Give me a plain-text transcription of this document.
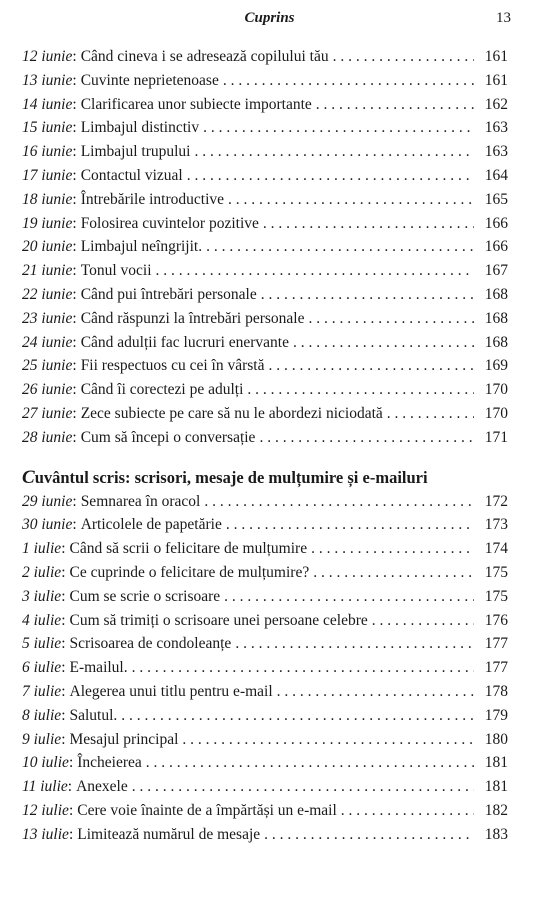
Cuprins	13
12 iunie : Când cineva i se adresează copilului tău . . .	161
13 iunie : Cuvinte neprietenoase . . .	161
14 iunie : Clarificarea unor subiecte importante . . .	162
15 iunie : Limbajul distinctiv . . .	163
16 iunie : Limbajul trupului . . .	163
17 iunie : Contactul vizual . . .	164
18 iunie : Întrebările introductive . . .	165
19 iunie : Folosirea cuvintelor pozitive . . .	166
20 iunie : Limbajul neîngrijit. . . .	166
21 iunie : Tonul vocii . . .	167
22 iunie : Când pui întrebări personale . . .	168
23 iunie : Când răspunzi la întrebări personale . . .	168
24 iunie : Când adulții fac lucruri enervante . . .	168
25 iunie : Fii respectuos cu cei în vârstă . . .	169
26 iunie : Când îi corectezi pe adulți . . .	170
27 iunie : Zece subiecte pe care să nu le abordezi niciodată . . .	170
28 iunie : Cum să începi o conversație . . .	171
C uvântul scris: scrisori, mesaje de mulțumire și e-mailuri
29 iunie : Semnarea în oracol . . .	172
30 iunie : Articolele de papetărie . . .	173
1 iulie : Când să scrii o felicitare de mulțumire . . .	174
2 iulie : Ce cuprinde o felicitare de mulțumire? . . .	175
3 iulie : Cum se scrie o scrisoare . . .	175
4 iulie : Cum să trimiți o scrisoare unei persoane celebre . . .	176
5 iulie : Scrisoarea de condoleanțe . . .	177
6 iulie : E-mailul. . . .	177
7 iulie : Alegerea unui titlu pentru e-mail . . .	178
8 iulie : Salutul. . . .	179
9 iulie : Mesajul principal . . .	180
10 iulie : Încheierea . . .	181
11 iulie : Anexele . . .	181
12 iulie : Cere voie înainte de a împărtăși un e-mail . . .	182
13 iulie : Limitează numărul de mesaje . . .	183
